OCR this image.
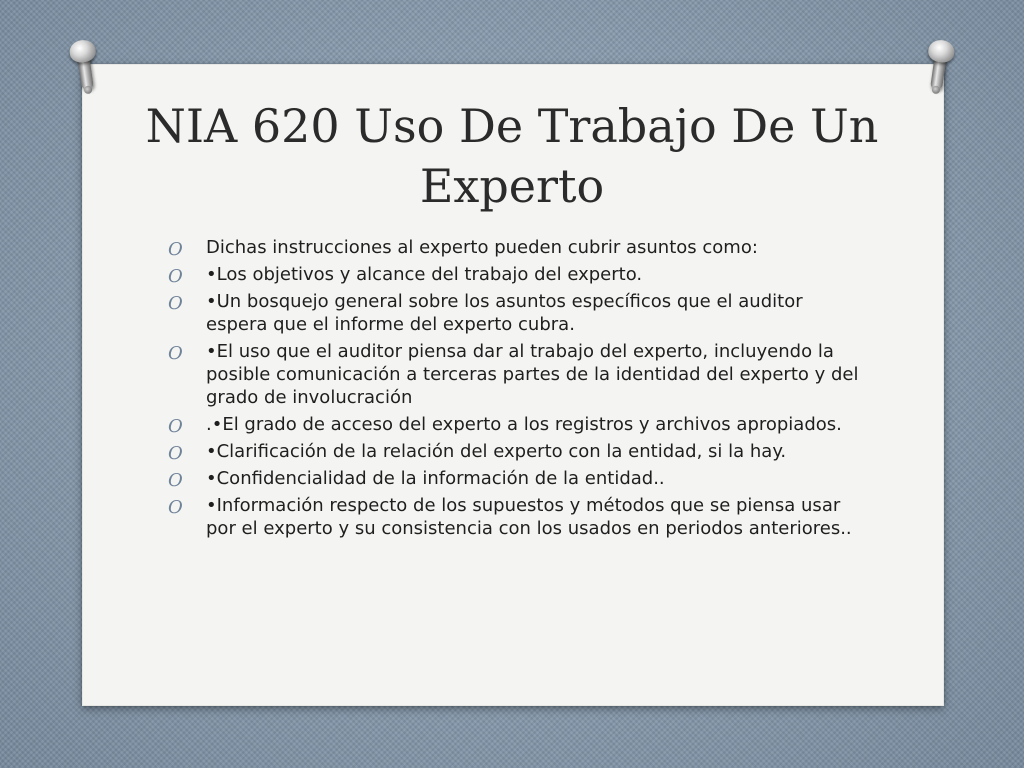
NIA 620 Uso De Trabajo De Un
Experto
O Dichas instrucciones al experto pueden cubrir asuntos como:
O •Los objetivos y alcance del trabajo del experto.
O •Un bosquejo general sobre los asuntos específicos que el auditor espera que el informe del experto cubra.
O •El uso que el auditor piensa dar al trabajo del experto, incluyendo la posible comunicación a terceras partes de la identidad del experto y del grado de involucración
O .•El grado de acceso del experto a los registros y archivos apropiados.
O •Clarificación de la relación del experto con la entidad, si la hay.
O •Confidencialidad de la información de la entidad..
O •Información respecto de los supuestos y métodos que se piensa usar por el experto y su consistencia con los usados en periodos anteriores..
